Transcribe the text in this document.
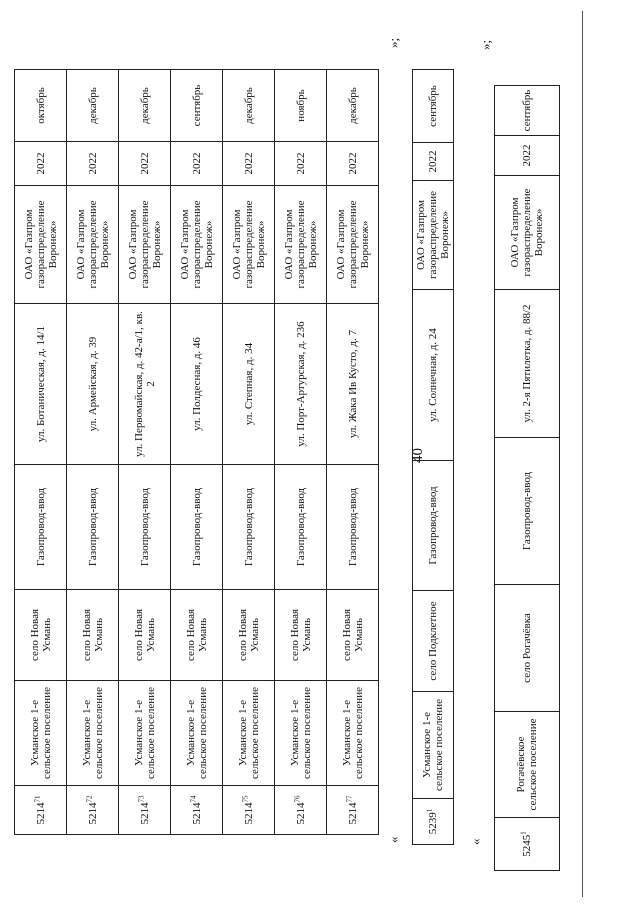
40
5214$^{71}$	Усманское 1-е сельское поселение	село Новая Усмань	Газопровод-ввод	ул. Ботаническая, д. 14/1	ОАО «Газпром газораспределение Воронеж»	2022	октябрь
5214$^{72}$	Усманское 1-е сельское поселение	село Новая Усмань	Газопровод-ввод	ул. Армейская, д. 39	ОАО «Газпром газораспределение Воронеж»	2022	декабрь
5214$^{73}$	Усманское 1-е сельское поселение	село Новая Усмань	Газопровод-ввод	ул. Первомайская, д. 42-а/1, кв. 2	ОАО «Газпром газораспределение Воронеж»	2022	декабрь
5214$^{74}$	Усманское 1-е сельское поселение	село Новая Усмань	Газопровод-ввод	ул. Полдесная, д. 46	ОАО «Газпром газораспределение Воронеж»	2022	сентябрь
5214$^{75}$	Усманское 1-е сельское поселение	село Новая Усмань	Газопровод-ввод	ул. Степная, д. 34	ОАО «Газпром газораспределение Воронеж»	2022	декабрь
5214$^{76}$	Усманское 1-е сельское поселение	село Новая Усмань	Газопровод-ввод	ул. Порт-Артурская, д. 236	ОАО «Газпром газораспределение Воронеж»	2022	ноябрь
5214$^{77}$	Усманское 1-е сельское поселение	село Новая Усмань	Газопровод-ввод	ул. Жака Ив Кусто, д. 7	ОАО «Газпром газораспределение Воронеж»	2022	декабрь
«
»;
5239$^1$	Усманское 1-е сельское поселение	село Подклетное	Газопровод-ввод	ул. Солнечная, д. 24	ОАО «Газпром газораспределение Воронеж»	2022	сентябрь
«
»;
5245$^1$	Рогачёвское сельское поселение	село Рогачёвка	Газопровод-ввод	ул. 2-я Пятилетка, д. 88/2	ОАО «Газпром газораспределение Воронеж»	2022	сентябрь
